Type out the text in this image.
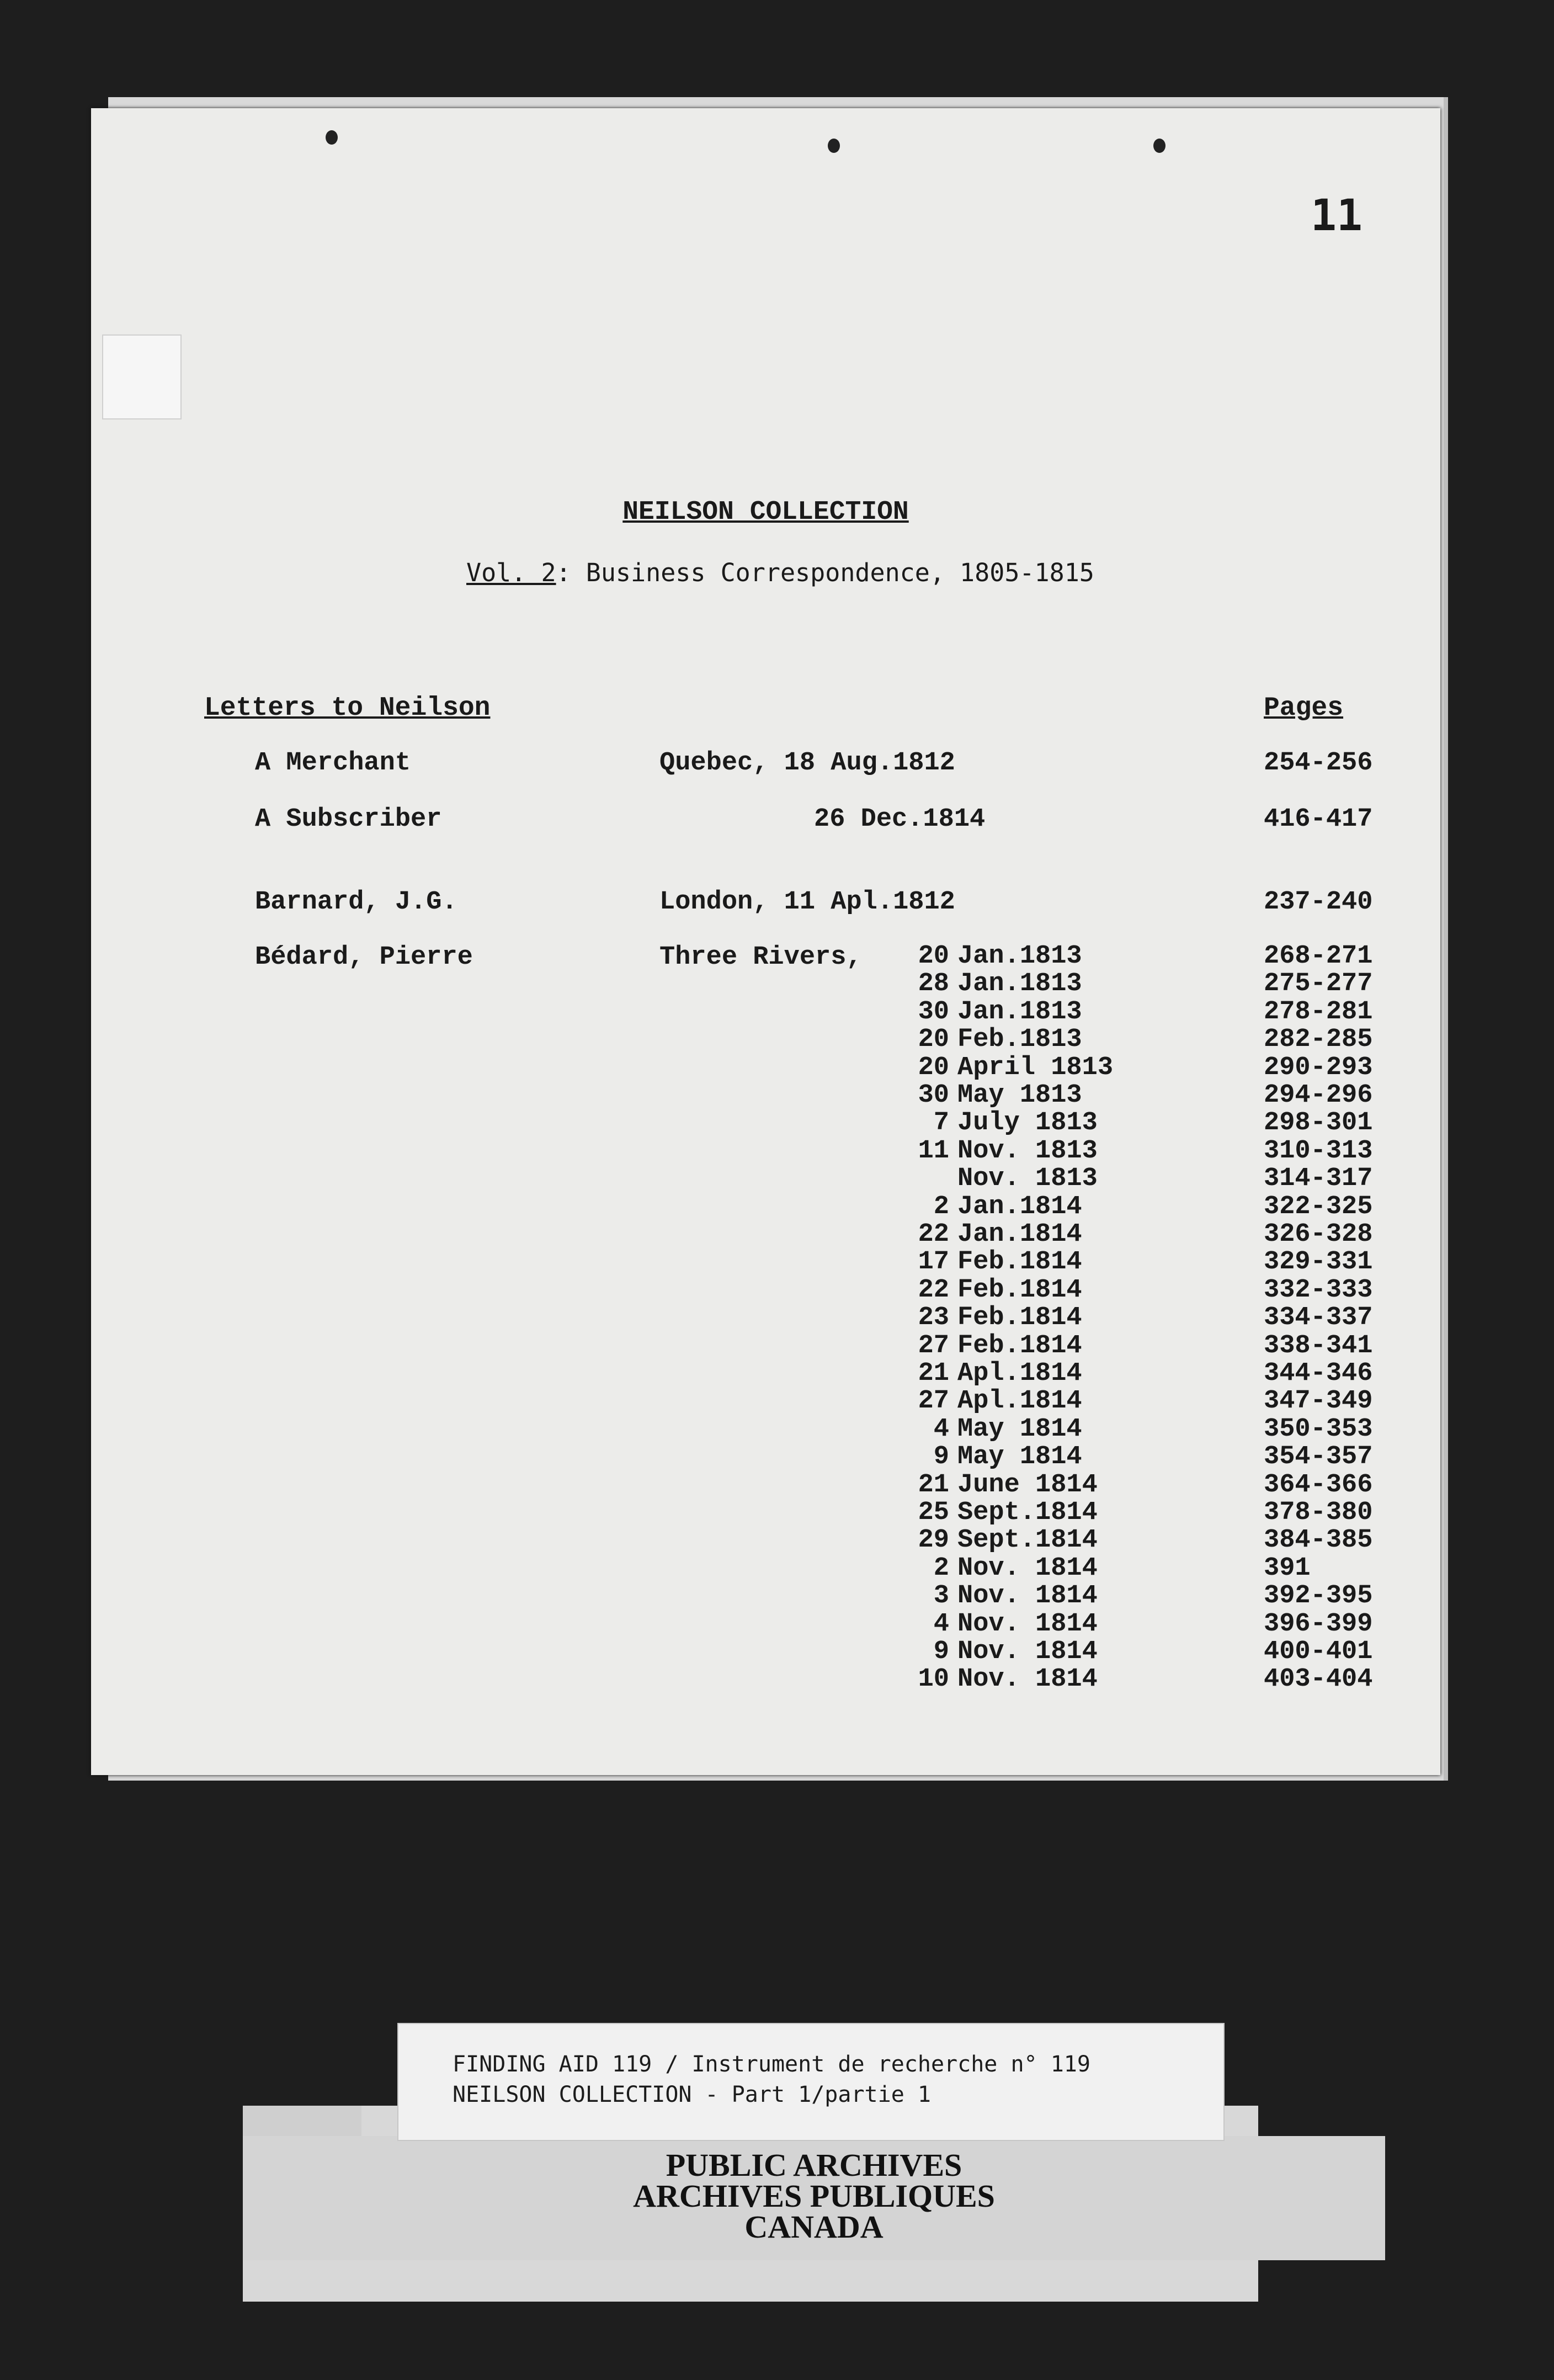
11
NEILSON COLLECTION
Vol. 2: Business Correspondence, 1805-1815
Letters to Neilson	Pages
A Merchant	Quebec, 18 Aug.1812	254-256
A Subscriber	26 Dec.1814	416-417
Barnard, J.G.	London, 11 Apl.1812	237-240
Bédard, Pierre	Three Rivers,	20 Jan.1813	268-271
28 Jan.1813	275-277
30 Jan.1813	278-281
20 Feb.1813	282-285
20 April 1813	290-293
30 May 1813	294-296
7 July 1813	298-301
11 Nov. 1813	310-313
Nov. 1813	314-317
2 Jan.1814	322-325
22 Jan.1814	326-328
17 Feb.1814	329-331
22 Feb.1814	332-333
23 Feb.1814	334-337
27 Feb.1814	338-341
21 Apl.1814	344-346
27 Apl.1814	347-349
4 May 1814	350-353
9 May 1814	354-357
21 June 1814	364-366
25 Sept.1814	378-380
29 Sept.1814	384-385
2 Nov. 1814	391
3 Nov. 1814	392-395
4 Nov. 1814	396-399
9 Nov. 1814	400-401
10 Nov. 1814	403-404
FINDING AID 119 / Instrument de recherche n° 119
NEILSON COLLECTION - Part 1/partie 1
PUBLIC ARCHIVES
ARCHIVES PUBLIQUES
CANADA
